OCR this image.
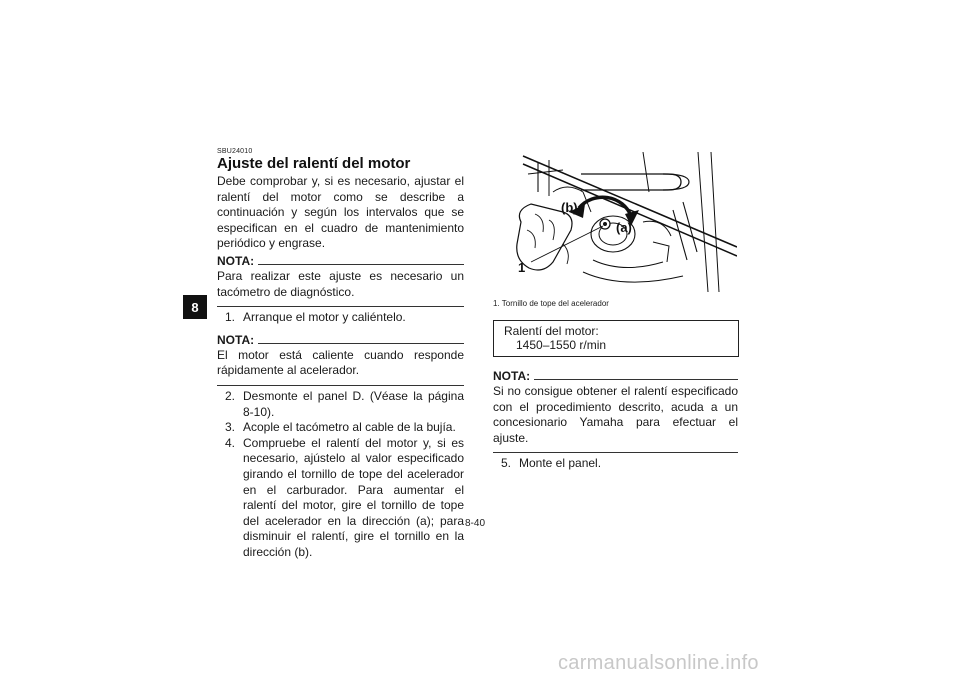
8
SBU24010
Ajuste del ralentí del motor

Debe comprobar y, si es necesario, ajustar el ralentí del motor como se describe a continuación y según los intervalos que se especifican en el cuadro de mantenimiento periódico y engrase.

NOTA:

Para realizar este ajuste es necesario un tacómetro de diagnóstico.

1. Arranque el motor y caliéntelo.
NOTA:

El motor está caliente cuando responde rápidamente al acelerador.

2. Desmonte el panel D. (Véase la página 8-10).
3. Acople el tacómetro al cable de la bujía.
4. Compruebe el ralentí del motor y, si es necesario, ajústelo al valor especificado girando el tornillo de tope del acelerador en el carburador. Para aumentar el ralentí del motor, gire el tornillo de tope del acelerador en la dirección (a); para disminuir el ralentí, gire el tornillo en la dirección (b).
(b)
(a)
1
1. Tornillo de tope del acelerador
Ralentí del motor:
1450–1550 r/min
NOTA:

Si no consigue obtener el ralentí especificado con el procedimiento descrito, acuda a un concesionario Yamaha para efectuar el ajuste.

5. Monte el panel.
8-40
carmanualsonline.info
